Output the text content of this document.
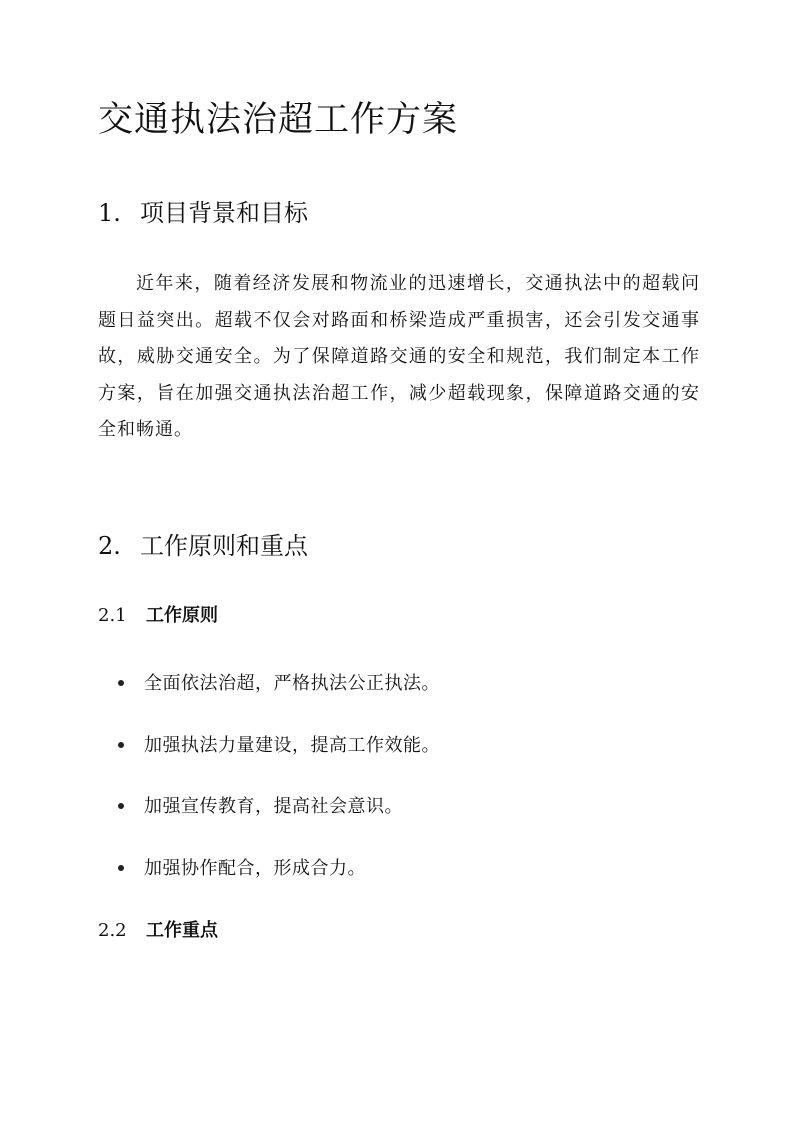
交通执法治超工作方案
1. 项目背景和目标

近年来，随着经济发展和物流业的迅速增长，交通执法中的超载问题日益突出。超载不仅会对路面和桥梁造成严重损害，还会引发交通事故，威胁交通安全。为了保障道路交通的安全和规范，我们制定本工作方案，旨在加强交通执法治超工作，减少超载现象，保障道路交通的安全和畅通。

2. 工作原则和重点
2.1 工作原则
全面依法治超，严格执法公正执法。
加强执法力量建设，提高工作效能。
加强宣传教育，提高社会意识。
加强协作配合，形成合力。
2.2 工作重点
